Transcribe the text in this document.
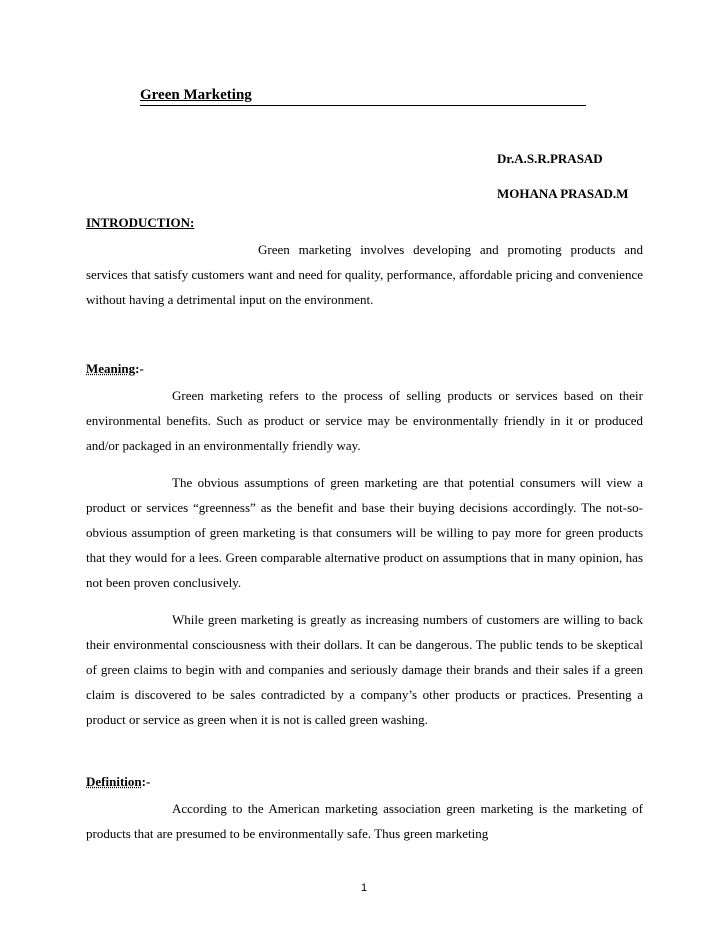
Green Marketing
Dr.A.S.R.PRASAD
MOHANA PRASAD.M
INTRODUCTION:

Green marketing involves developing and promoting products and services that satisfy customers want and need for quality, performance, affordable pricing and convenience without having a detrimental input on the environment.

Meaning:-

Green marketing refers to the process of selling products or services based on their environmental benefits. Such as product or service may be environmentally friendly in it or produced and/or packaged in an environmentally friendly way.

The obvious assumptions of green marketing are that potential consumers will view a product or services “greenness” as the benefit and base their buying decisions accordingly. The not-so-obvious assumption of green marketing is that consumers will be willing to pay more for green products that they would for a lees. Green comparable alternative product on assumptions that in many opinion, has not been proven conclusively.

While green marketing is greatly as increasing numbers of customers are willing to back their environmental consciousness with their dollars. It can be dangerous. The public tends to be skeptical of green claims to begin with and companies and seriously damage their brands and their sales if a green claim is discovered to be sales contradicted by a company’s other products or practices. Presenting a product or service as green when it is not is called green washing.

Definition:-

According to the American marketing association green marketing is the marketing of products that are presumed to be environmentally safe. Thus green marketing

1
